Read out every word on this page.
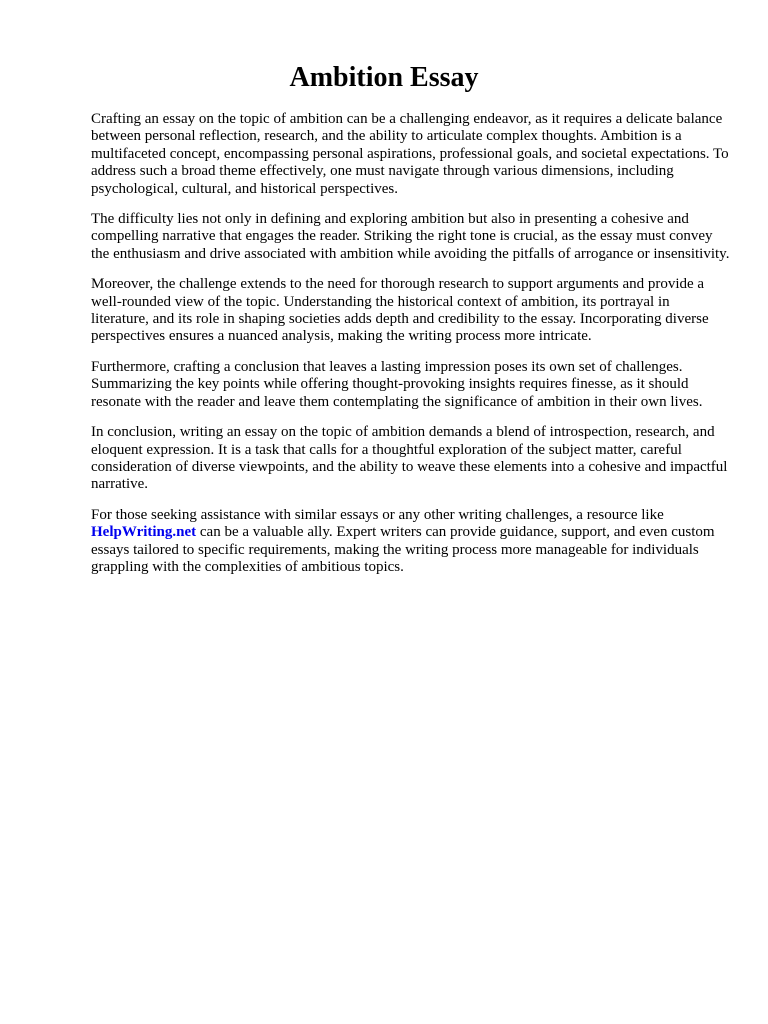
Ambition Essay

Crafting an essay on the topic of ambition can be a challenging endeavor, as it requires a delicate balance between personal reflection, research, and the ability to articulate complex thoughts. Ambition is a multifaceted concept, encompassing personal aspirations, professional goals, and societal expectations. To address such a broad theme effectively, one must navigate through various dimensions, including psychological, cultural, and historical perspectives.

The difficulty lies not only in defining and exploring ambition but also in presenting a cohesive and compelling narrative that engages the reader. Striking the right tone is crucial, as the essay must convey the enthusiasm and drive associated with ambition while avoiding the pitfalls of arrogance or insensitivity.

Moreover, the challenge extends to the need for thorough research to support arguments and provide a well-rounded view of the topic. Understanding the historical context of ambition, its portrayal in literature, and its role in shaping societies adds depth and credibility to the essay. Incorporating diverse perspectives ensures a nuanced analysis, making the writing process more intricate.

Furthermore, crafting a conclusion that leaves a lasting impression poses its own set of challenges. Summarizing the key points while offering thought-provoking insights requires finesse, as it should resonate with the reader and leave them contemplating the significance of ambition in their own lives.

In conclusion, writing an essay on the topic of ambition demands a blend of introspection, research, and eloquent expression. It is a task that calls for a thoughtful exploration of the subject matter, careful consideration of diverse viewpoints, and the ability to weave these elements into a cohesive and impactful narrative.

For those seeking assistance with similar essays or any other writing challenges, a resource like HelpWriting.net can be a valuable ally. Expert writers can provide guidance, support, and even custom essays tailored to specific requirements, making the writing process more manageable for individuals grappling with the complexities of ambitious topics.
